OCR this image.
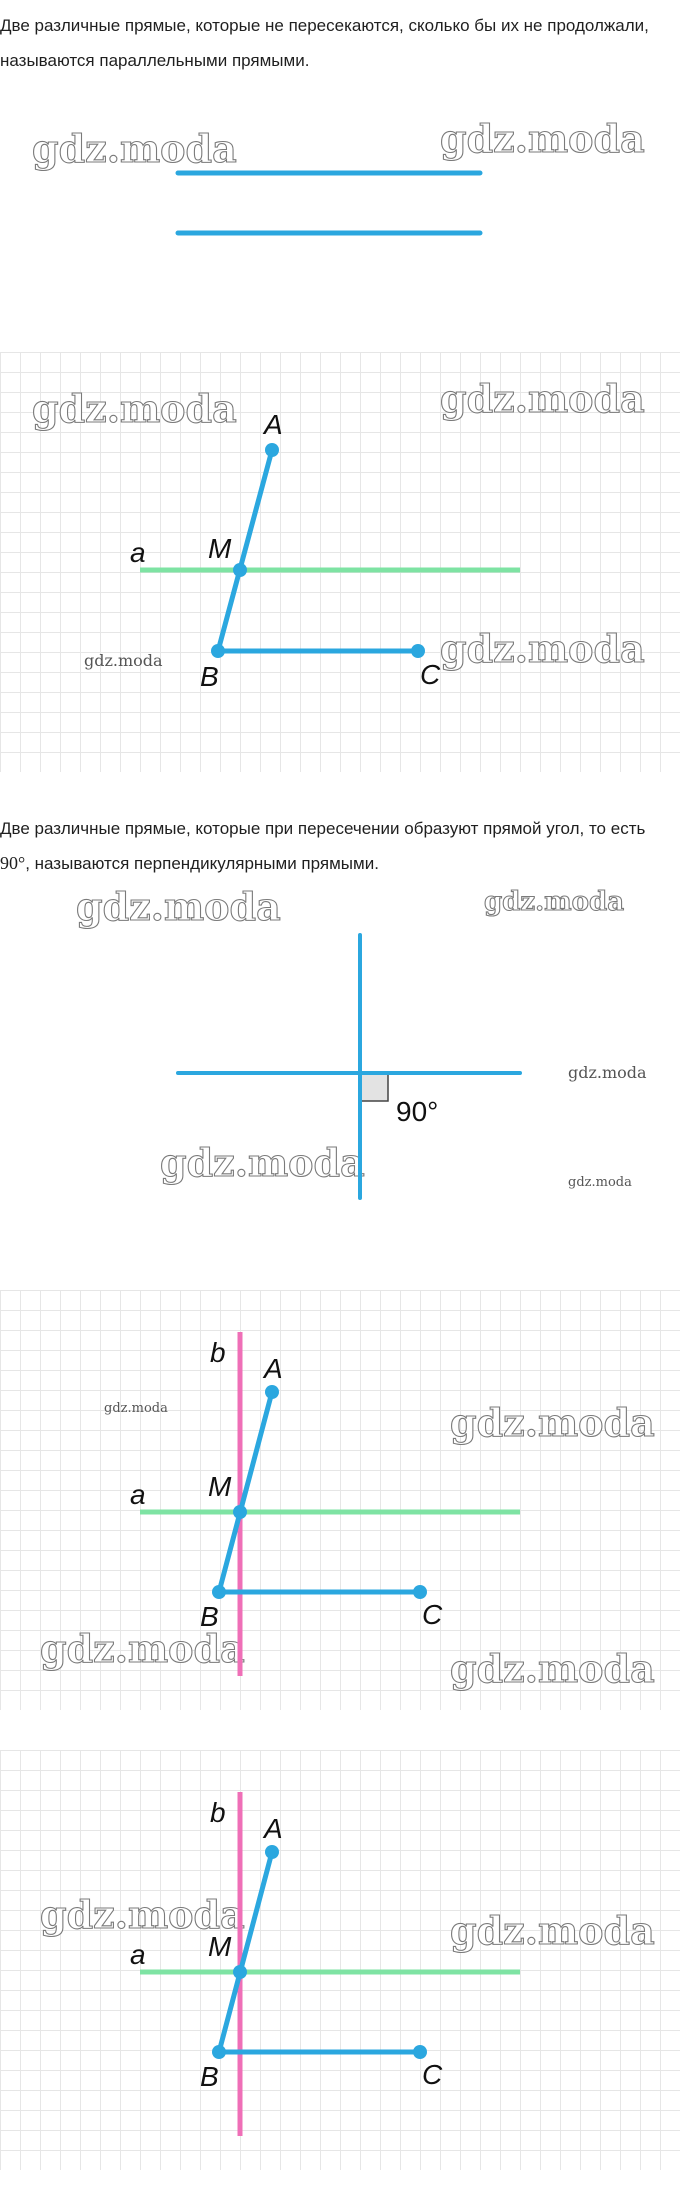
Две различные прямые, которые не пересекаются, сколько бы их не продолжали, называются параллельными прямыми.
gdz.moda	gdz.moda
gdz.moda	gdz.moda
gdz.moda
gdz.moda
A
M
a
B	C
Две различные прямые, которые при пересечении образуют прямой угол, то есть 90°, называются перпендикулярными прямыми.
gdz.moda	gdz.moda
gdz.moda
gdz.moda
gdz.moda
90°
gdz.moda
gdz.moda	gdz.moda
gdz.moda
b
A
M
a
B	C
gdz.moda	gdz.moda
b
A
M
a
B	C
